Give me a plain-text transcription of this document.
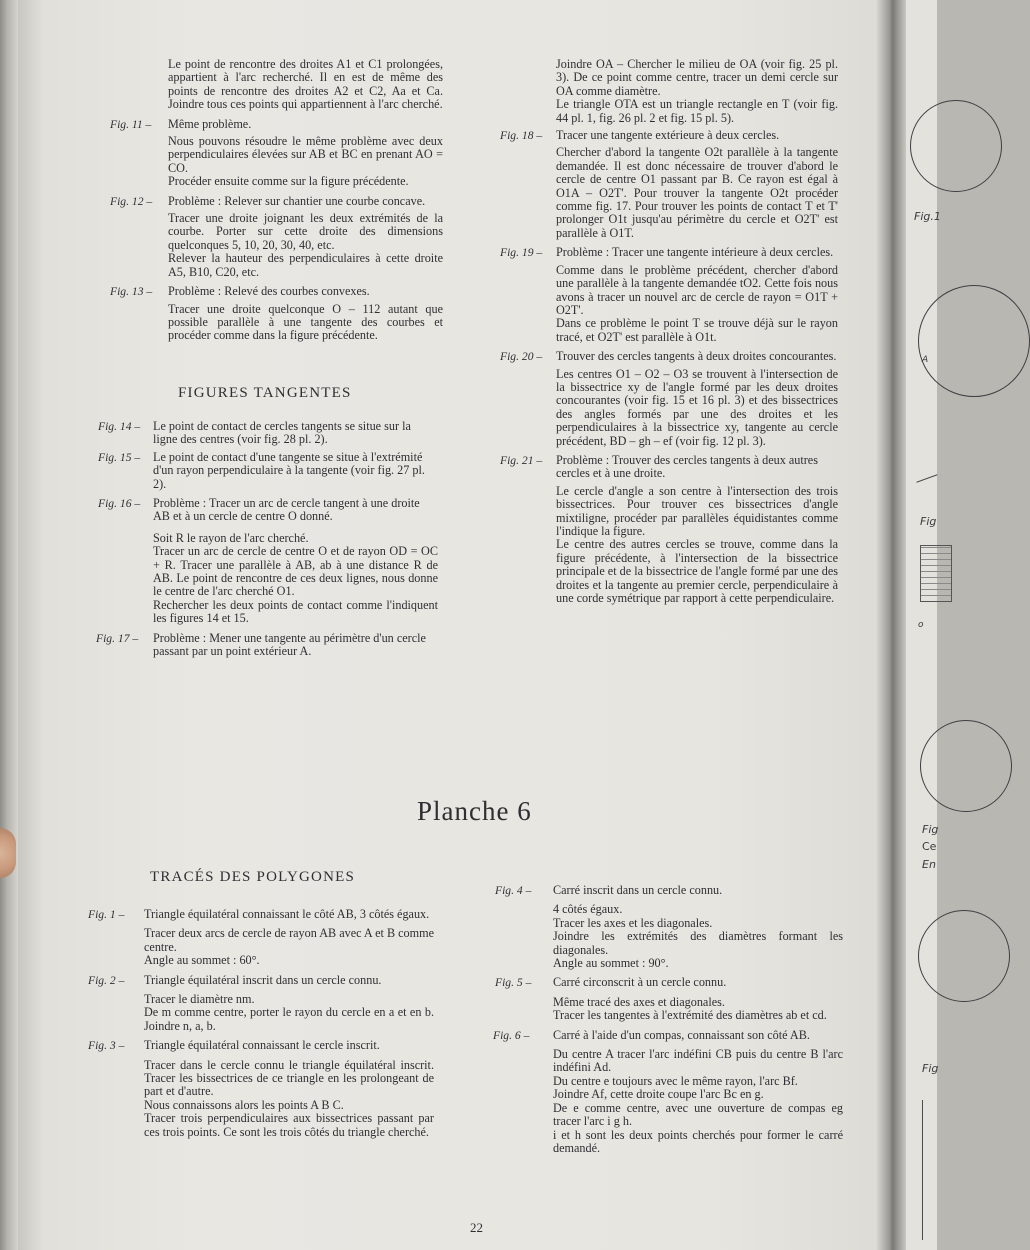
Le point de rencontre des droites A1 et C1 prolongées, appartient à l'arc recherché. Il en est de même des points de rencontre des droites A2 et C2, Aa et Ca. Joindre tous ces points qui appartiennent à l'arc cherché.
Fig. 11 – Même problème.
Nous pouvons résoudre le même problème avec deux perpendiculaires élevées sur AB et BC en prenant AO = CO.
Procéder ensuite comme sur la figure précédente.
Fig. 12 – Problème : Relever sur chantier une courbe concave.
Tracer une droite joignant les deux extrémités de la courbe. Porter sur cette droite des dimensions quelconques 5, 10, 20, 30, 40, etc.
Relever la hauteur des perpendiculaires à cette droite A5, B10, C20, etc.
Fig. 13 – Problème : Relevé des courbes convexes.
Tracer une droite quelconque O – 112 autant que possible parallèle à une tangente des courbes et procéder comme dans la figure précédente.
FIGURES TANGENTES
Fig. 14 – Le point de contact de cercles tangents se situe sur la ligne des centres (voir fig. 28 pl. 2).
Fig. 15 – Le point de contact d'une tangente se situe à l'extrémité d'un rayon perpendiculaire à la tangente (voir fig. 27 pl. 2).
Fig. 16 – Problème : Tracer un arc de cercle tangent à une droite AB et à un cercle de centre O donné.
Soit R le rayon de l'arc cherché.
Tracer un arc de cercle de centre O et de rayon OD = OC + R. Tracer une parallèle à AB, ab à une distance R de AB. Le point de rencontre de ces deux lignes, nous donne le centre de l'arc cherché O1.
Rechercher les deux points de contact comme l'indiquent les figures 14 et 15.
Fig. 17 – Problème : Mener une tangente au périmètre d'un cercle passant par un point extérieur A.
Joindre OA – Chercher le milieu de OA (voir fig. 25 pl. 3). De ce point comme centre, tracer un demi cercle sur OA comme diamètre.
Le triangle OTA est un triangle rectangle en T (voir fig. 44 pl. 1, fig. 26 pl. 2 et fig. 15 pl. 5).
Fig. 18 – Tracer une tangente extérieure à deux cercles.
Chercher d'abord la tangente O2t parallèle à la tangente demandée. Il est donc nécessaire de trouver d'abord le cercle de centre O1 passant par B. Ce rayon est égal à O1A – O2T'. Pour trouver la tangente O2t procéder comme fig. 17. Pour trouver les points de contact T et T' prolonger O1t jusqu'au périmètre du cercle et O2T' est parallèle à O1T.
Fig. 19 – Problème : Tracer une tangente intérieure à deux cercles.
Comme dans le problème précédent, chercher d'abord une parallèle à la tangente demandée tO2. Cette fois nous avons à tracer un nouvel arc de cercle de rayon = O1T + O2T'.
Dans ce problème le point T se trouve déjà sur le rayon tracé, et O2T' est parallèle à O1t.
Fig. 20 – Trouver des cercles tangents à deux droites concourantes.
Les centres O1 – O2 – O3 se trouvent à l'intersection de la bissectrice xy de l'angle formé par les deux droites concourantes (voir fig. 15 et 16 pl. 3) et des bissectrices des angles formés par une des droites et les perpendiculaires à la bissectrice xy, tangente au cercle précédent, BD – gh – ef (voir fig. 12 pl. 3).
Fig. 21 – Problème : Trouver des cercles tangents à deux autres cercles et à une droite.
Le cercle d'angle a son centre à l'intersection des trois bissectrices. Pour trouver ces bissectrices d'angle mixtiligne, procéder par parallèles équidistantes comme l'indique la figure.
Le centre des autres cercles se trouve, comme dans la figure précédente, à l'intersection de la bissectrice principale et de la bissectrice de l'angle formé par une des droites et la tangente au premier cercle, perpendiculaire à une corde symétrique par rapport à cette perpendiculaire.
Planche 6
TRACÉS DES POLYGONES
Fig. 1 – Triangle équilatéral connaissant le côté AB, 3 côtés égaux.
Tracer deux arcs de cercle de rayon AB avec A et B comme centre.
Angle au sommet : 60°.
Fig. 2 – Triangle équilatéral inscrit dans un cercle connu.
Tracer le diamètre nm.
De m comme centre, porter le rayon du cercle en a et en b. Joindre n, a, b.
Fig. 3 – Triangle équilatéral connaissant le cercle inscrit.
Tracer dans le cercle connu le triangle équilatéral inscrit. Tracer les bissectrices de ce triangle en les prolongeant de part et d'autre.
Nous connaissons alors les points A B C.
Tracer trois perpendiculaires aux bissectrices passant par ces trois points. Ce sont les trois côtés du triangle cherché.
Fig. 4 – Carré inscrit dans un cercle connu.
4 côtés égaux.
Tracer les axes et les diagonales.
Joindre les extrémités des diamètres formant les diagonales.
Angle au sommet : 90°.
Fig. 5 – Carré circonscrit à un cercle connu.
Même tracé des axes et diagonales.
Tracer les tangentes à l'extrémité des diamètres ab et cd.
Fig. 6 – Carré à l'aide d'un compas, connaissant son côté AB.
Du centre A tracer l'arc indéfini CB puis du centre B l'arc indéfini Ad.
Du centre e toujours avec le même rayon, l'arc Bf.
Joindre Af, cette droite coupe l'arc Bc en g.
De e comme centre, avec une ouverture de compas eg tracer l'arc i g h.
i et h sont les deux points cherchés pour former le carré demandé.
22
Fig.1
A
Fig
o
Fig
Ce
En
Fig
